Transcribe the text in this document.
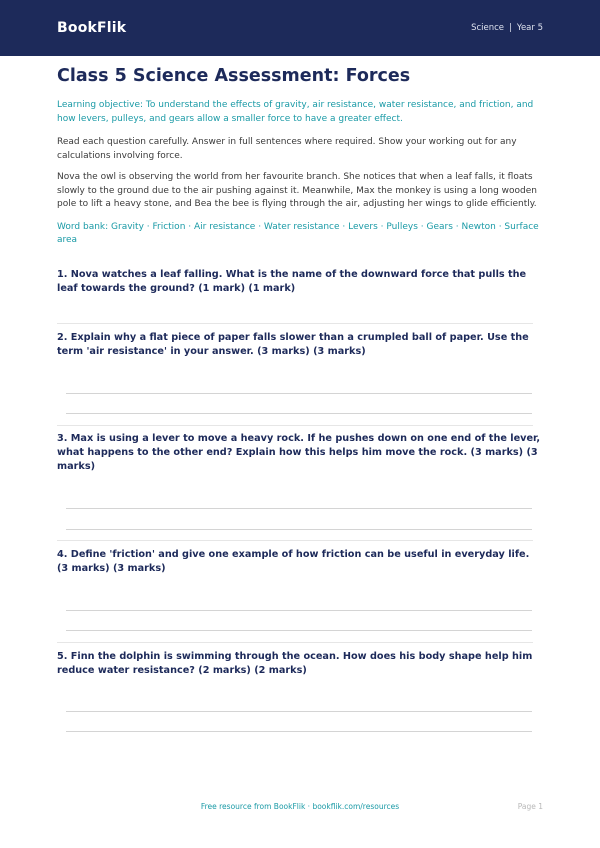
BookFlik	Science | Year 5
Class 5 Science Assessment: Forces

Learning objective: To understand the effects of gravity, air resistance, water resistance, and friction, and how levers, pulleys, and gears allow a smaller force to have a greater effect.

Read each question carefully. Answer in full sentences where required. Show your working out for any calculations involving force.

Nova the owl is observing the world from her favourite branch. She notices that when a leaf falls, it floats slowly to the ground due to the air pushing against it. Meanwhile, Max the monkey is using a long wooden pole to lift a heavy stone, and Bea the bee is flying through the air, adjusting her wings to glide efficiently.

Word bank: Gravity · Friction · Air resistance · Water resistance · Levers · Pulleys · Gears · Newton · Surface area

1. Nova watches a leaf falling. What is the name of the downward force that pulls the leaf towards the ground? (1 mark) (1 mark)
2. Explain why a flat piece of paper falls slower than a crumpled ball of paper. Use the term 'air resistance' in your answer. (3 marks) (3 marks)
3. Max is using a lever to move a heavy rock. If he pushes down on one end of the lever, what happens to the other end? Explain how this helps him move the rock. (3 marks) (3 marks)
4. Define 'friction' and give one example of how friction can be useful in everyday life. (3 marks) (3 marks)
5. Finn the dolphin is swimming through the ocean. How does his body shape help him reduce water resistance? (2 marks) (2 marks)
Free resource from BookFlik · bookflik.com/resources	Page 1
